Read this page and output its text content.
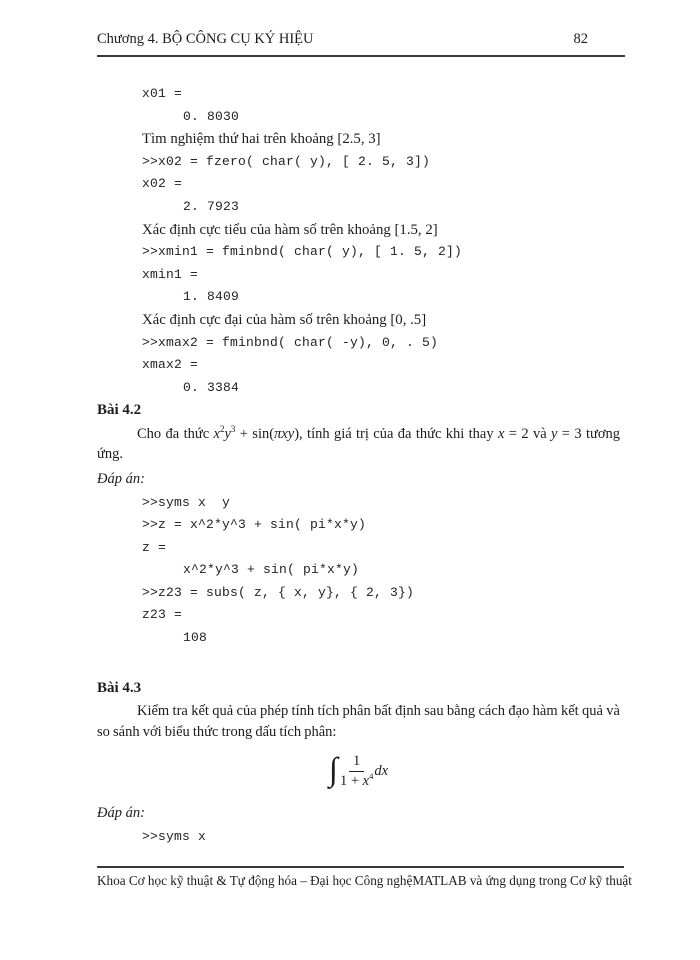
Chương 4. BỘ CÔNG CỤ KÝ HIỆU	82
x01 =
0. 8030
Tìm nghiệm thứ hai trên khoảng [2.5, 3]
>>x02 = fzero( char( y), [ 2. 5, 3])
x02 =
2. 7923
Xác định cực tiểu của hàm số trên khoảng [1.5, 2]
>>xmin1 = fminbnd( char( y), [ 1. 5, 2])
xmin1 =
1. 8409
Xác định cực đại của hàm số trên khoảng [0, .5]
>>xmax2 = fminbnd( char( -y), 0, . 5)
xmax2 =
0. 3384
Bài 4.2

Cho đa thức $x^2y^3 + \sin(\pi xy)$, tính giá trị của đa thức khi thay x = 2 và y = 3 tương ứng.

Đáp án:
>>syms x  y
>>z = x^2*y^3 + sin( pi*x*y)
z =
x^2*y^3 + sin( pi*x*y)
>>z23 = subs( z, { x, y}, { 2, 3})
z23 =
108
Bài 4.3

Kiểm tra kết quả của phép tính tích phân bất định sau bằng cách đạo hàm kết quả và so sánh với biểu thức trong dấu tích phân:

∫ $\frac{1}{1 + x^4}$ dx
Đáp án:
>>syms x
Khoa Cơ học kỹ thuật & Tự động hóa – Đại học Công nghệ MATLAB và ứng dụng trong Cơ kỹ thuật
